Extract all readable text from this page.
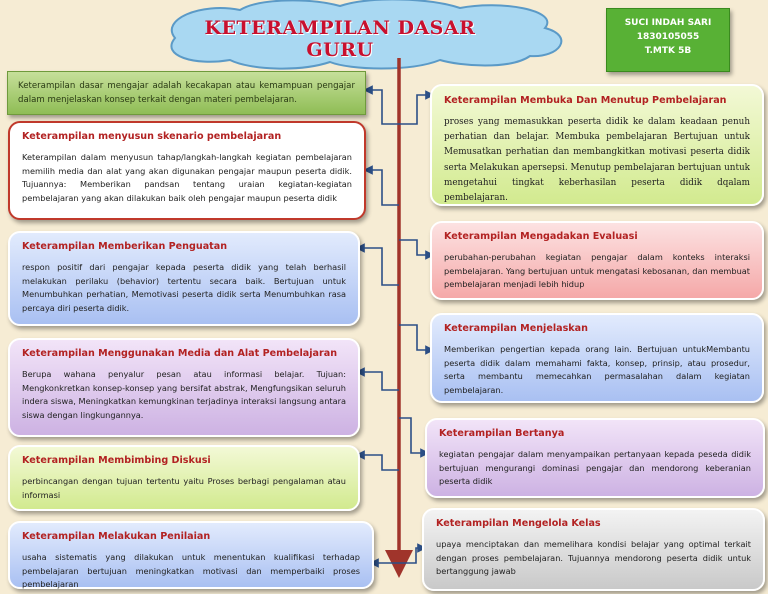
KETERAMPILAN DASAR GURU
SUCI INDAH SARI
1830105055
T.MTK 5B
Keterampilan dasar mengajar adalah kecakapan atau kemampuan pengajar dalam menjelaskan konsep terkait dengan materi pembelajaran.
Keterampilan menyusun skenario pembelajaran
Keterampilan dalam menyusun tahap/langkah-langkah kegiatan pembelajaran memilih media dan alat yang akan digunakan pengajar maupun peserta didik. Tujuannya: Memberikan pandsan tentang uraian kegiatan-kegiatan pembelajaran yang akan dilakukan baik oleh pengajar maupun peserta didik
Keterampilan Memberikan Penguatan
respon positif dari pengajar kepada peserta didik yang telah berhasil melakukan perilaku (behavior) tertentu secara baik. Bertujuan untuk Menumbuhkan perhatian, Memotivasi peserta didik serta Menumbuhkan rasa percaya diri peserta didik.
Keterampilan Menggunakan Media dan Alat Pembelajaran
Berupa wahana penyalur pesan atau informasi belajar. Tujuan: Mengkonkretkan konsep-konsep yang bersifat abstrak, Mengfungsikan seluruh indera siswa, Meningkatkan kemungkinan terjadinya interaksi langsung antara siswa dengan lingkungannya.
Keterampilan Membimbing Diskusi
perbincangan dengan tujuan tertentu yaitu Proses berbagi pengalaman atau informasi
Keterampilan Melakukan Penilaian
usaha sistematis yang dilakukan untuk menentukan kualifikasi terhadap pembelajaran bertujuan meningkatkan motivasi dan memperbaiki proses pembelajaran
Keterampilan Membuka Dan Menutup Pembelajaran
proses yang memasukkan peserta didik ke dalam keadaan penuh perhatian dan belajar. Membuka pembelajaran Bertujuan untuk Memusatkan perhatian dan membangkitkan motivasi peserta didik serta Melakukan apersepsi. Menutup pembelajaran bertujuan untuk mengetahui tingkat keberhasilan peserta didik dqalam pembelajaran.
Keterampilan Mengadakan Evaluasi
perubahan-perubahan kegiatan pengajar dalam konteks interaksi pembelajaran. Yang bertujuan untuk mengatasi kebosanan, dan membuat pembelajaran menjadi lebih hidup
Keterampilan Menjelaskan
Memberikan pengertian kepada orang lain. Bertujuan untukMembantu peserta didik dalam memahami fakta, konsep, prinsip, atau prosedur, serta membantu memecahkan permasalahan dalam kegiatan pembelajaran.
Keterampilan Bertanya
kegiatan pengajar dalam menyampaikan pertanyaan kepada peseda didik bertujuan mengurangi dominasi pengajar dan mendorong keberanian peserta didik
Keterampilan Mengelola Kelas
upaya menciptakan dan memelihara kondisi belajar yang optimal terkait dengan proses pembelajaran. Tujuannya mendorong peserta didik untuk bertanggung jawab
